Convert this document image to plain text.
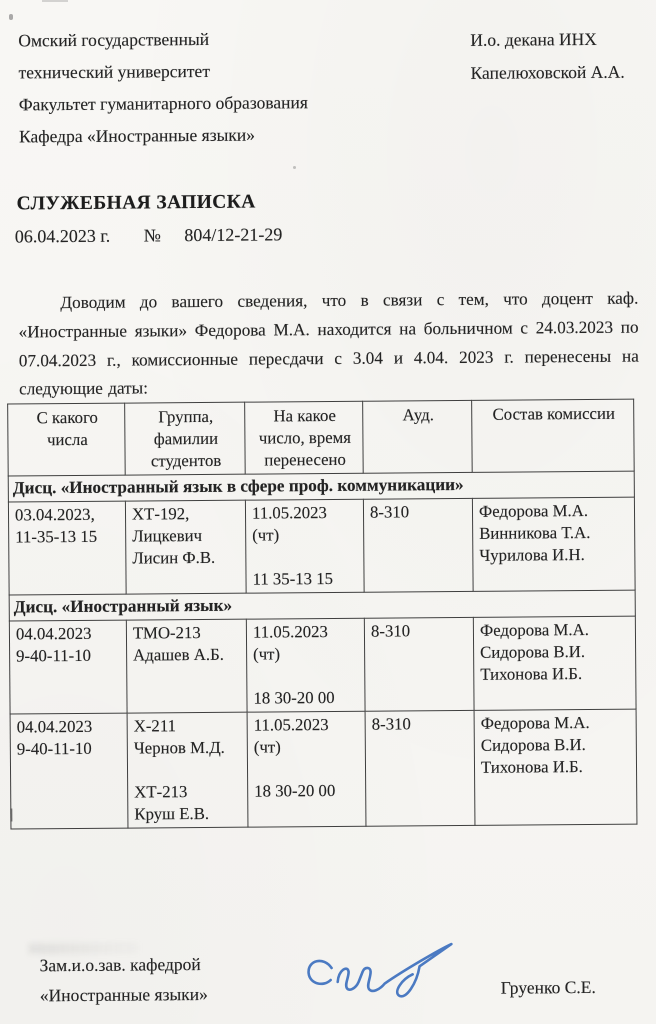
Омский государственный
технический университет
Факультет гуманитарного образования
Кафедра «Иностранные языки»
И.о. декана ИНХ
Капелюховской А.А.
СЛУЖЕБНАЯ ЗАПИСКА
06.04.2023 г. № 804/12-21-29
Доводим до вашего сведения, что в связи с тем, что доцент каф. «Иностранные языки» Федорова М.А. находится на больничном с 24.03.2023 по 07.04.2023 г., комиссионные пересдачи с 3.04 и 4.04. 2023 г. перенесены на следующие даты:
С какого
числа	Группа,
фамилии
студентов	На какое
число, время
перенесено	Ауд.	Состав комиссии
Дисц. «Иностранный язык в сфере проф. коммуникации»				
03.04.2023,
11-35-13 15	ХТ-192,
Лицкевич
Лисин Ф.В.	11.05.2023
(чт)

11 35-13 15	8-310	Федорова М.А.
Винникова Т.А.
Чурилова И.Н.
Дисц. «Иностранный язык»				
04.04.2023
9-40-11-10	ТМО-213
Адашев А.Б.	11.05.2023
(чт)

18 30-20 00	8-310	Федорова М.А.
Сидорова В.И.
Тихонова И.Б.
04.04.2023
9-40-11-10	Х-211
Чернов М.Д.

ХТ-213
Круш Е.В.	11.05.2023
(чт)

18 30-20 00	8-310	Федорова М.А.
Сидорова В.И.
Тихонова И.Б.
Зам.и.о.зав. кафедрой
«Иностранные языки»	Груенко С.Е.
